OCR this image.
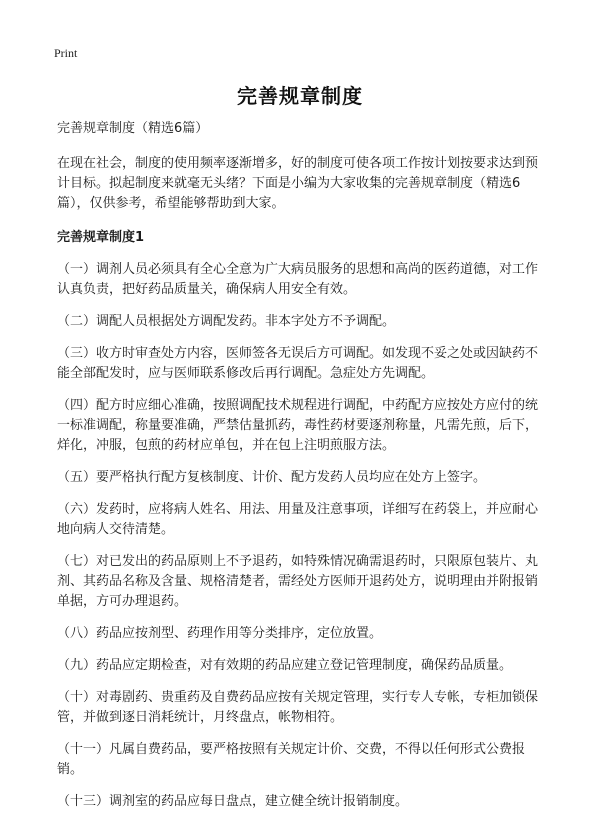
Print
完善规章制度

完善规章制度（精选6篇）

在现在社会，制度的使用频率逐渐增多，好的制度可使各项工作按计划按要求达到预计目标。拟起制度来就毫无头绪？下面是小编为大家收集的完善规章制度（精选6篇），仅供参考，希望能够帮助到大家。

完善规章制度1

（一）调剂人员必须具有全心全意为广大病员服务的思想和高尚的医药道德，对工作认真负责，把好药品质量关，确保病人用安全有效。

（二）调配人员根据处方调配发药。非本字处方不予调配。

（三）收方时审查处方内容，医师签各无误后方可调配。如发现不妥之处或因缺药不能全部配发时，应与医师联系修改后再行调配。急症处方先调配。

（四）配方时应细心准确，按照调配技术规程进行调配，中药配方应按处方应付的统一标准调配，称量要准确，严禁估量抓药，毒性药材要逐剂称量，凡需先煎，后下，烊化，冲服，包煎的药材应单包，并在包上注明煎服方法。

（五）要严格执行配方复核制度、计价、配方发药人员均应在处方上签字。

（六）发药时，应将病人姓名、用法、用量及注意事项，详细写在药袋上，并应耐心地向病人交待清楚。

（七）对已发出的药品原则上不予退药，如特殊情况确需退药时，只限原包装片、丸剂、其药品名称及含量、规格清楚者，需经处方医师开退药处方，说明理由并附报销单据，方可办理退药。

（八）药品应按剂型、药理作用等分类排序，定位放置。

（九）药品应定期检查，对有效期的药品应建立登记管理制度，确保药品质量。

（十）对毒剧药、贵重药及自费药品应按有关规定管理，实行专人专帐，专柜加锁保管，并做到逐日消耗统计，月终盘点，帐物相符。

（十一）凡属自费药品，要严格按照有关规定计价、交费，不得以任何形式公费报销。

（十三）调剂室的药品应每日盘点，建立健全统计报销制度。
